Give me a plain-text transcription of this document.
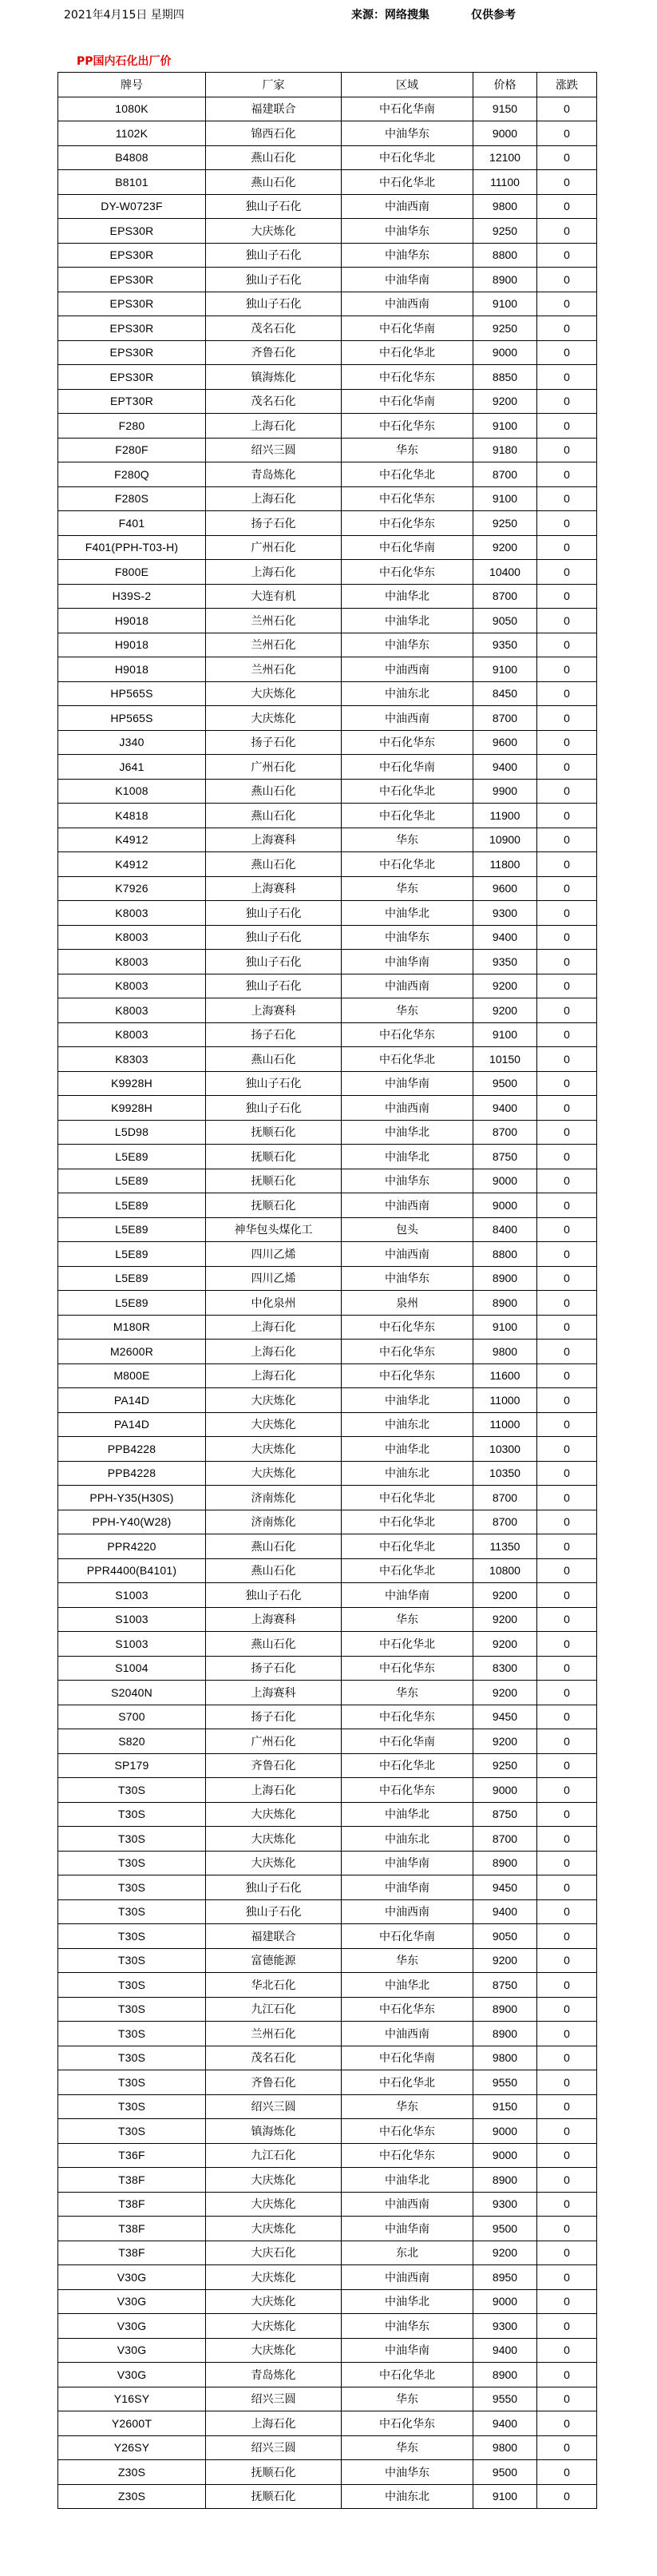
2021年4月15日 星期四	来源：网络搜集	仅供参考
PP国内石化出厂价
牌号	厂家	区域	价格	涨跌
1080K	福建联合	中石化华南	9150	0
1102K	锦西石化	中油华东	9000	0
B4808	燕山石化	中石化华北	12100	0
B8101	燕山石化	中石化华北	11100	0
DY-W0723F	独山子石化	中油西南	9800	0
EPS30R	大庆炼化	中油华东	9250	0
EPS30R	独山子石化	中油华东	8800	0
EPS30R	独山子石化	中油华南	8900	0
EPS30R	独山子石化	中油西南	9100	0
EPS30R	茂名石化	中石化华南	9250	0
EPS30R	齐鲁石化	中石化华北	9000	0
EPS30R	镇海炼化	中石化华东	8850	0
EPT30R	茂名石化	中石化华南	9200	0
F280	上海石化	中石化华东	9100	0
F280F	绍兴三圆	华东	9180	0
F280Q	青岛炼化	中石化华北	8700	0
F280S	上海石化	中石化华东	9100	0
F401	扬子石化	中石化华东	9250	0
F401(PPH-T03-H)	广州石化	中石化华南	9200	0
F800E	上海石化	中石化华东	10400	0
H39S-2	大连有机	中油华北	8700	0
H9018	兰州石化	中油华北	9050	0
H9018	兰州石化	中油华东	9350	0
H9018	兰州石化	中油西南	9100	0
HP565S	大庆炼化	中油东北	8450	0
HP565S	大庆炼化	中油西南	8700	0
J340	扬子石化	中石化华东	9600	0
J641	广州石化	中石化华南	9400	0
K1008	燕山石化	中石化华北	9900	0
K4818	燕山石化	中石化华北	11900	0
K4912	上海赛科	华东	10900	0
K4912	燕山石化	中石化华北	11800	0
K7926	上海赛科	华东	9600	0
K8003	独山子石化	中油华北	9300	0
K8003	独山子石化	中油华东	9400	0
K8003	独山子石化	中油华南	9350	0
K8003	独山子石化	中油西南	9200	0
K8003	上海赛科	华东	9200	0
K8003	扬子石化	中石化华东	9100	0
K8303	燕山石化	中石化华北	10150	0
K9928H	独山子石化	中油华南	9500	0
K9928H	独山子石化	中油西南	9400	0
L5D98	抚顺石化	中油华北	8700	0
L5E89	抚顺石化	中油华北	8750	0
L5E89	抚顺石化	中油华东	9000	0
L5E89	抚顺石化	中油西南	9000	0
L5E89	神华包头煤化工	包头	8400	0
L5E89	四川乙烯	中油西南	8800	0
L5E89	四川乙烯	中油华东	8900	0
L5E89	中化泉州	泉州	8900	0
M180R	上海石化	中石化华东	9100	0
M2600R	上海石化	中石化华东	9800	0
M800E	上海石化	中石化华东	11600	0
PA14D	大庆炼化	中油华北	11000	0
PA14D	大庆炼化	中油东北	11000	0
PPB4228	大庆炼化	中油华北	10300	0
PPB4228	大庆炼化	中油东北	10350	0
PPH-Y35(H30S)	济南炼化	中石化华北	8700	0
PPH-Y40(W28)	济南炼化	中石化华北	8700	0
PPR4220	燕山石化	中石化华北	11350	0
PPR4400(B4101)	燕山石化	中石化华北	10800	0
S1003	独山子石化	中油华南	9200	0
S1003	上海赛科	华东	9200	0
S1003	燕山石化	中石化华北	9200	0
S1004	扬子石化	中石化华东	8300	0
S2040N	上海赛科	华东	9200	0
S700	扬子石化	中石化华东	9450	0
S820	广州石化	中石化华南	9200	0
SP179	齐鲁石化	中石化华北	9250	0
T30S	上海石化	中石化华东	9000	0
T30S	大庆炼化	中油华北	8750	0
T30S	大庆炼化	中油东北	8700	0
T30S	大庆炼化	中油华南	8900	0
T30S	独山子石化	中油华南	9450	0
T30S	独山子石化	中油西南	9400	0
T30S	福建联合	中石化华南	9050	0
T30S	富德能源	华东	9200	0
T30S	华北石化	中油华北	8750	0
T30S	九江石化	中石化华东	8900	0
T30S	兰州石化	中油西南	8900	0
T30S	茂名石化	中石化华南	9800	0
T30S	齐鲁石化	中石化华北	9550	0
T30S	绍兴三圆	华东	9150	0
T30S	镇海炼化	中石化华东	9000	0
T36F	九江石化	中石化华东	9000	0
T38F	大庆炼化	中油华北	8900	0
T38F	大庆炼化	中油西南	9300	0
T38F	大庆炼化	中油华南	9500	0
T38F	大庆石化	东北	9200	0
V30G	大庆炼化	中油西南	8950	0
V30G	大庆炼化	中油华北	9000	0
V30G	大庆炼化	中油华东	9300	0
V30G	大庆炼化	中油华南	9400	0
V30G	青岛炼化	中石化华北	8900	0
Y16SY	绍兴三圆	华东	9550	0
Y2600T	上海石化	中石化华东	9400	0
Y26SY	绍兴三圆	华东	9800	0
Z30S	抚顺石化	中油华东	9500	0
Z30S	抚顺石化	中油东北	9100	0
